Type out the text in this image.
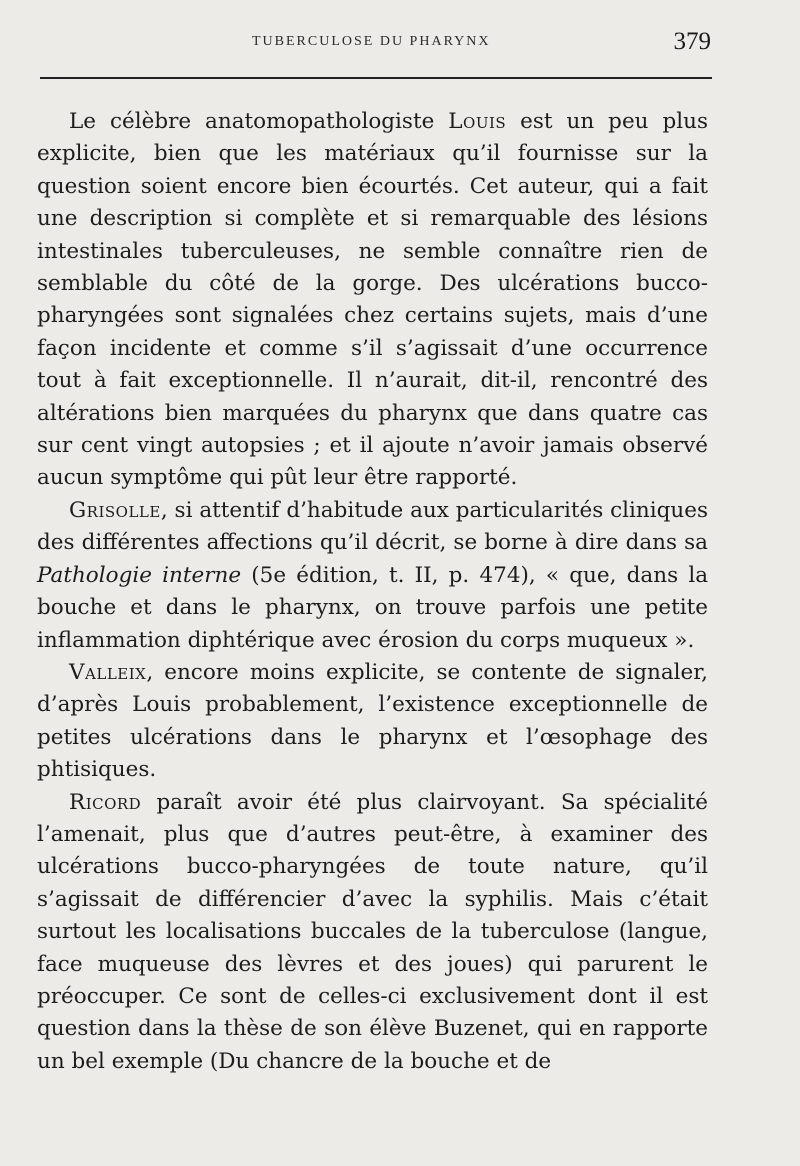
TUBERCULOSE DU PHARYNX	379

Le célèbre anatomopathologiste Louis est un peu plus explicite, bien que les matériaux qu’il fournisse sur la question soient encore bien écourtés. Cet auteur, qui a fait une description si complète et si remarquable des lésions intestinales tuberculeuses, ne semble connaître rien de semblable du côté de la gorge. Des ulcérations bucco-pharyngées sont signalées chez certains sujets, mais d’une façon incidente et comme s’il s’agissait d’une occurrence tout à fait exceptionnelle. Il n’aurait, dit-il, rencontré des altérations bien marquées du pharynx que dans quatre cas sur cent vingt autopsies ; et il ajoute n’avoir jamais observé aucun symptôme qui pût leur être rapporté.

Grisolle, si attentif d’habitude aux particularités cliniques des différentes affections qu’il décrit, se borne à dire dans sa Pathologie interne (5e édition, t. II, p. 474), « que, dans la bouche et dans le pharynx, on trouve parfois une petite inflammation diphtérique avec érosion du corps muqueux ».

Valleix, encore moins explicite, se contente de signaler, d’après Louis probablement, l’existence exceptionnelle de petites ulcérations dans le pharynx et l’œsophage des phtisiques.

Ricord paraît avoir été plus clairvoyant. Sa spécialité l’amenait, plus que d’autres peut-être, à examiner des ulcérations bucco-pharyngées de toute nature, qu’il s’agissait de différencier d’avec la syphilis. Mais c’était surtout les localisations buccales de la tuberculose (langue, face muqueuse des lèvres et des joues) qui parurent le préoccuper. Ce sont de celles-ci exclusivement dont il est question dans la thèse de son élève Buzenet, qui en rapporte un bel exemple (Du chancre de la bouche et de
